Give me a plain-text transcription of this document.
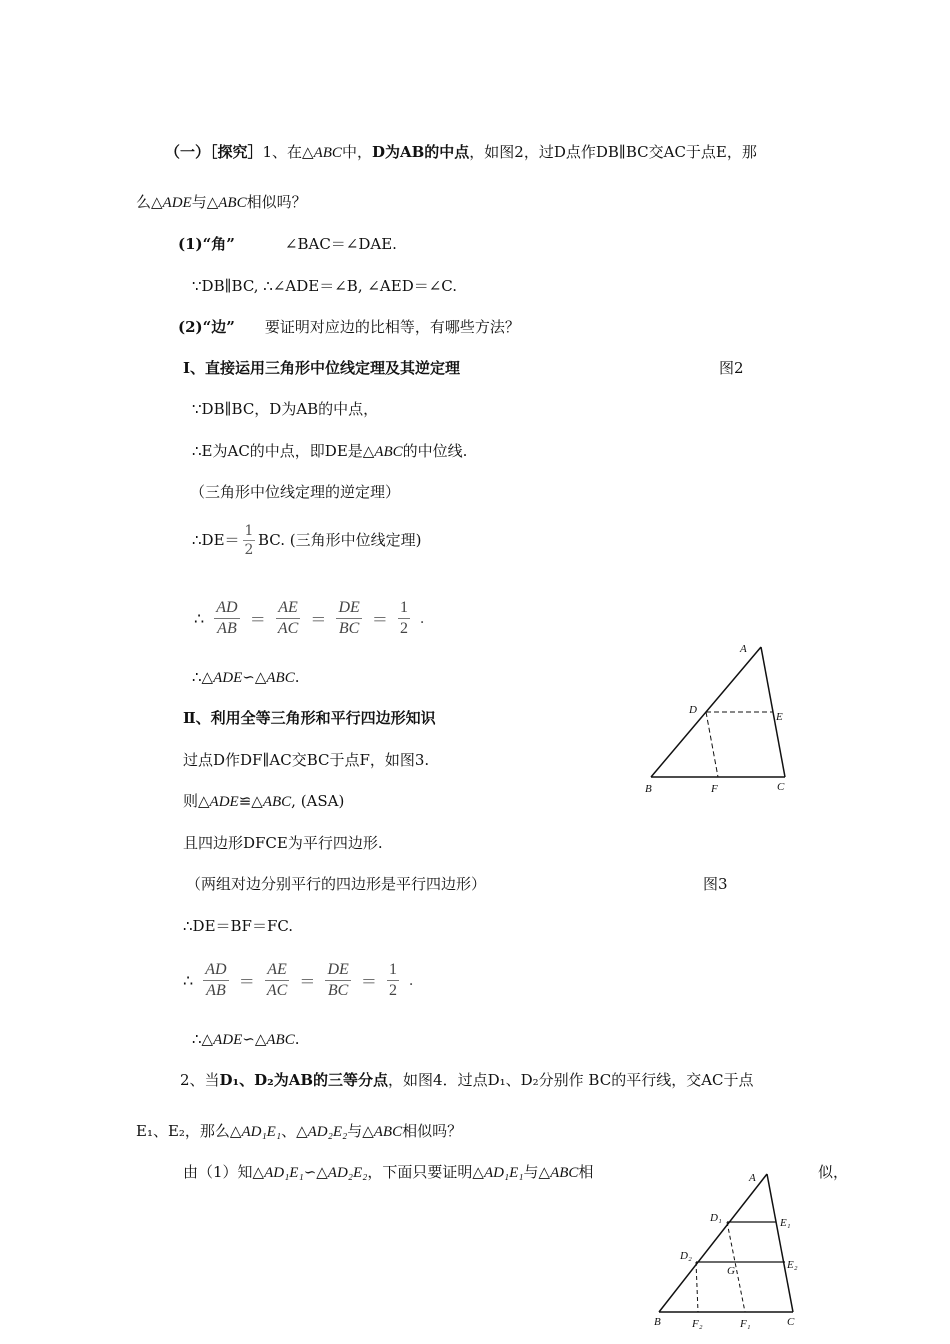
（一）［探究］1、在△ABC中，D为AB的中点，如图2，过D点作DB∥BC交AC于点E，那
么△ADE与△ABC相似吗？
(1)“角”	∠BAC＝∠DAE.
∵DB∥BC, ∴∠ADE＝∠B, ∠AED＝∠C.
(2)“边” 要证明对应边的比相等，有哪些方法？
Ⅰ、直接运用三角形中位线定理及其逆定理	图2
∵DB∥BC，D为AB的中点，
∴E为AC的中点，即DE是△ABC的中位线.
（三角形中位线定理的逆定理）
∴DE＝ $\frac{1}{2}$ BC. (三角形中位线定理)
∴ $\frac{AD}{AB} = \frac{AE}{AC} = \frac{DE}{BC} = \frac{1}{2}$ .
∴△ADE∽△ABC.
Ⅱ、利用全等三角形和平行四边形知识
过点D作DF∥AC交BC于点F，如图3.
则△ADE≌△ABC, (ASA)
且四边形DFCE为平行四边形.
（两组对边分别平行的四边形是平行四边形）	图3
∴DE＝BF＝FC.
∴ $\frac{AD}{AB} = \frac{AE}{AC} = \frac{DE}{BC} = \frac{1}{2}$ .
∴△ADE∽△ABC.
2、当D₁、D₂为AB的三等分点，如图4．过点D₁、D₂分别作 BC的平行线，交AC于点
E₁、E₂，那么△AD₁E₁、△AD₂E₂与△ABC相似吗？
由（1）知△AD₁E₁∽△AD₂E₂，下面只要证明△AD₁E₁与△ABC相	似，
A
D
E
B	F	C
A
D₁	E₁
D₂
G	E₂
B	F₂	F₁	C
